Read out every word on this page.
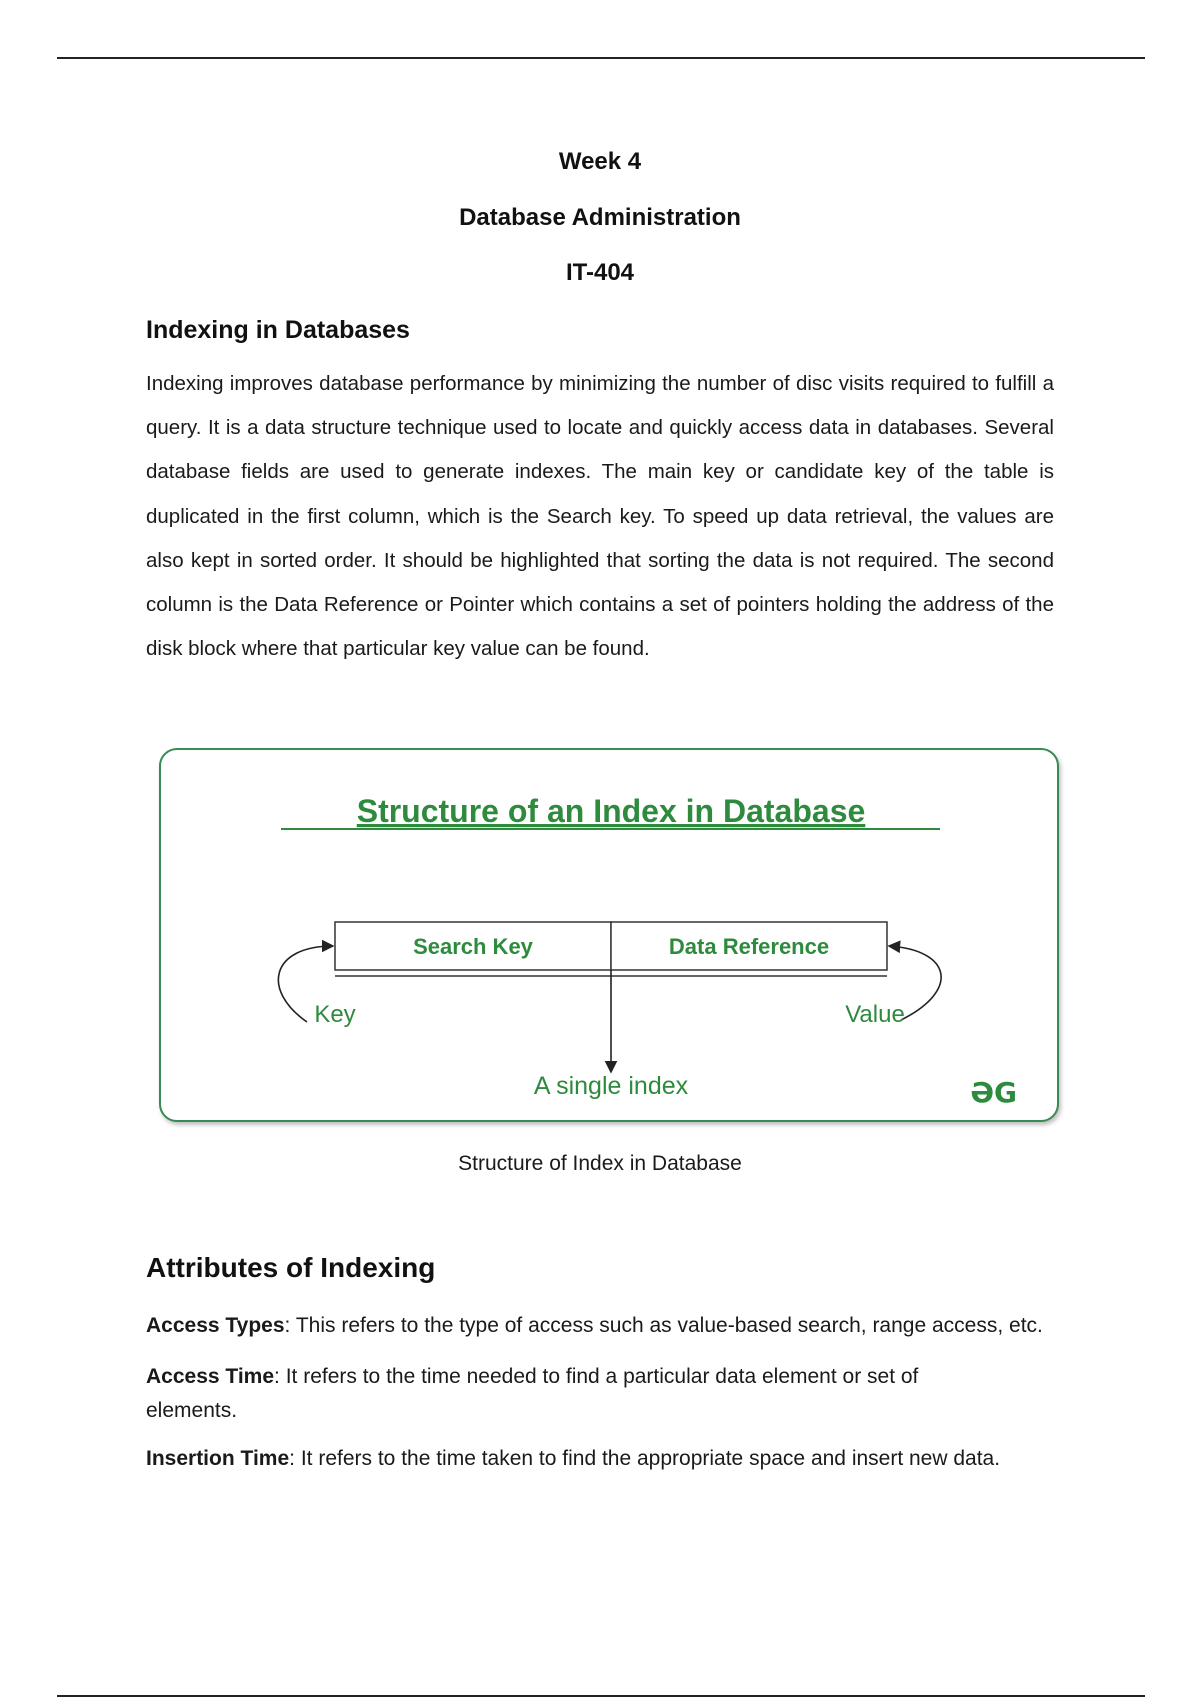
Week 4
Database Administration
IT-404
Indexing in Databases
Indexing improves database performance by minimizing the number of disc visits required to fulfill a query. It is a data structure technique used to locate and quickly access data in databases. Several database fields are used to generate indexes. The main key or candidate key of the table is duplicated in the first column, which is the Search key. To speed up data retrieval, the values are also kept in sorted order. It should be highlighted that sorting the data is not required. The second column is the Data Reference or Pointer which contains a set of pointers holding the address of the disk block where that particular key value can be found.
Structure of an Index in Database
Search Key	Data Reference
Key	Value
A single index	ƏG
Structure of Index in Database
Attributes of Indexing
Access Types: This refers to the type of access such as value-based search, range access, etc.
Access Time: It refers to the time needed to find a particular data element or set of elements.
Insertion Time: It refers to the time taken to find the appropriate space and insert new data.
